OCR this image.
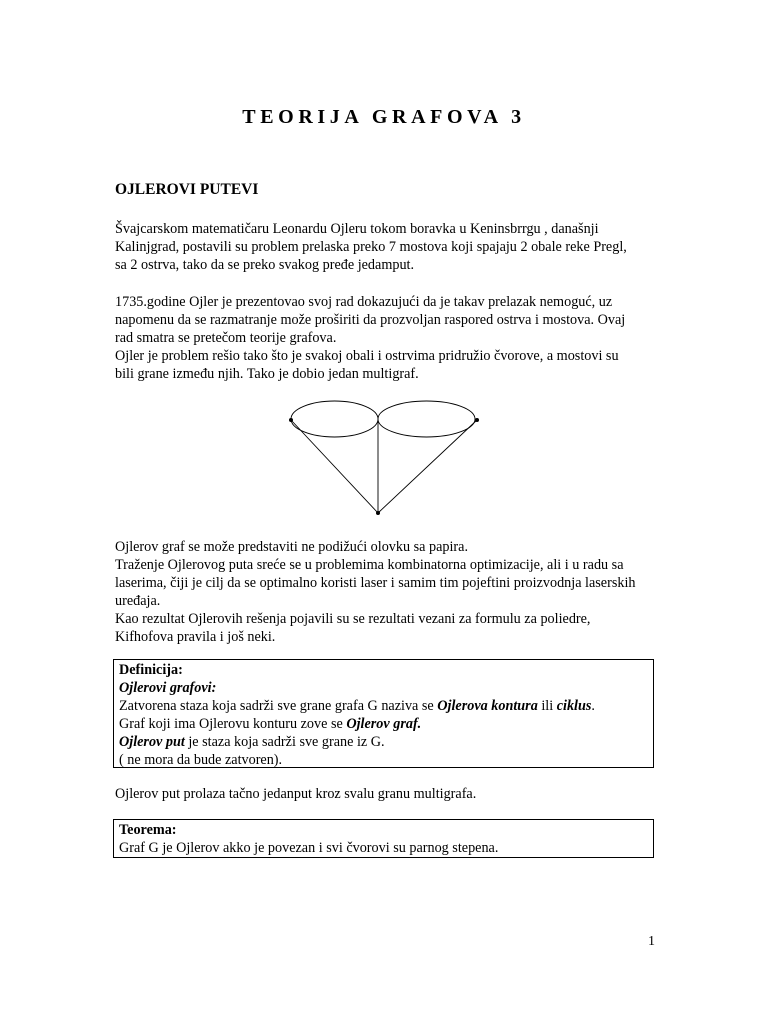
TEORIJA GRAFOVA 3
OJLEROVI PUTEVI

Švajcarskom matematičaru Leonardu Ojleru tokom boravka u Keninsbrrgu , današnji

Kalinjgrad, postavili su problem prelaska preko 7 mostova koji spajaju 2 obale reke Pregl,

sa 2 ostrva, tako da se preko svakog pređe jedamput.

1735.godine Ojler je prezentovao svoj rad dokazujući da je takav prelazak nemoguć, uz

napomenu da se razmatranje može proširiti da prozvoljan raspored ostrva i mostova. Ovaj

rad smatra se pretečom teorije grafova.

Ojler je problem rešio tako što je svakoj obali i ostrvima pridružio čvorove, a mostovi su

bili grane između njih. Tako je dobio jedan multigraf.

Ojlerov graf se može predstaviti ne podižući olovku sa papira.

Traženje Ojlerovog puta sreće se u problemima kombinatorna optimizacije, ali i u radu sa

laserima, čiji je cilj da se optimalno koristi laser i samim tim pojeftini proizvodnja laserskih

uređaja.

Kao rezultat Ojlerovih rešenja pojavili su se rezultati vezani za formulu za poliedre,

Kifhofova pravila i još neki.

Definicija:

Ojlerovi grafovi:

Zatvorena staza koja sadrži sve grane grafa G naziva se Ojlerova kontura ili ciklus.

Graf koji ima Ojlerovu konturu zove se Ojlerov graf.

Ojlerov put je staza koja sadrži sve grane iz G.

( ne mora da bude zatvoren).

Ojlerov put prolaza tačno jedanput kroz svalu granu multigrafa.

Teorema:

Graf G je Ojlerov akko je povezan i svi čvorovi su parnog stepena.

1
